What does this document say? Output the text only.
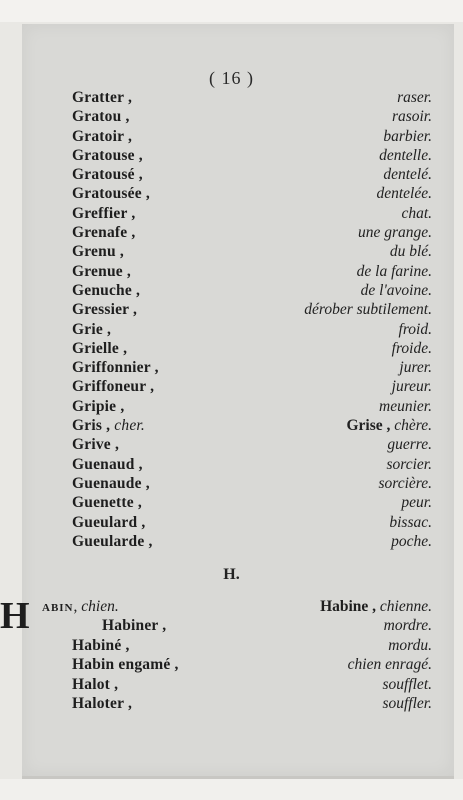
( 16 )
Gratter ,	raser.
Gratou ,	rasoir.
Gratoir ,	barbier.
Gratouse ,	dentelle.
Gratousé ,	dentelé.
Gratousée ,	dentelée.
Greffier ,	chat.
Grenafe ,	une grange.
Grenu ,	du blé.
Grenue ,	de la farine.
Genuche ,	de l'avoine.
Gressier ,	dérober subtilement.
Grie ,	froid.
Grielle ,	froide.
Griffonnier ,	jurer.
Griffoneur ,	jureur.
Gripie ,	meunier.
Gris , cher.	Grise , chère.
Grive ,	guerre.
Guenaud ,	sorcier.
Guenaude ,	sorcière.
Guenette ,	peur.
Gueulard ,	bissac.
Gueularde ,	poche.
H.
H ABIN, chien.	Habine , chienne.
Habiner ,	mordre.
Habiné ,	mordu.
Habin engamé ,	chien enragé.
Halot ,	soufflet.
Haloter ,	souffler.
